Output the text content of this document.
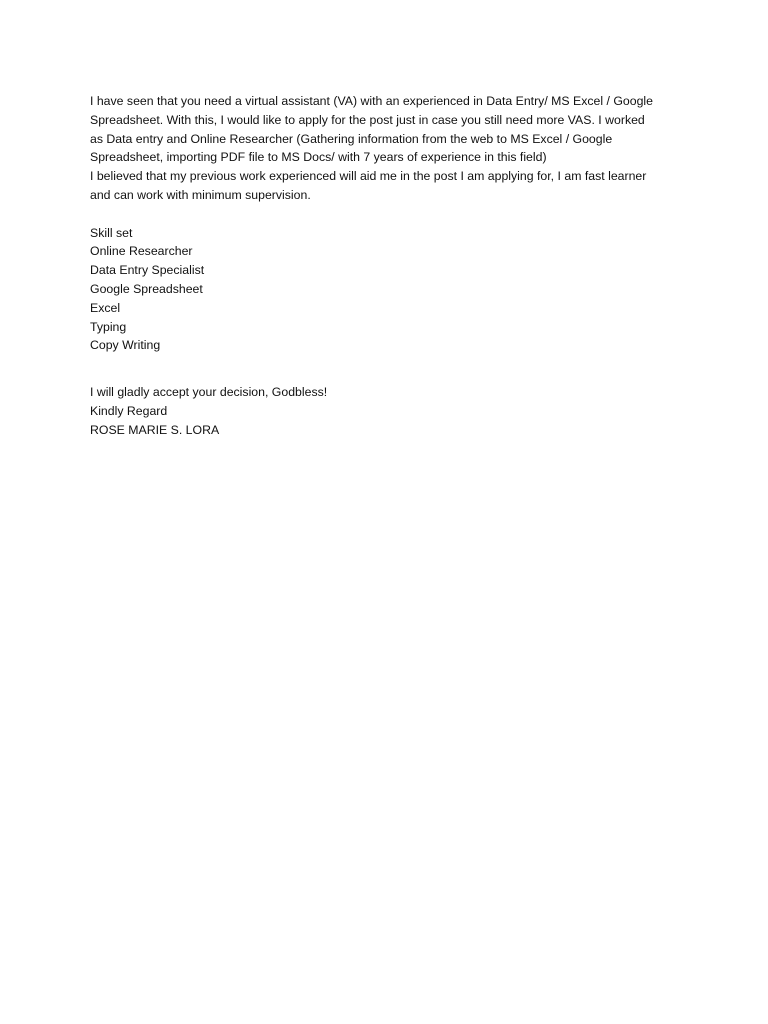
I have seen that you need a virtual assistant (VA) with an experienced in Data Entry/ MS Excel / Google
Spreadsheet. With this, I would like to apply for the post just in case you still need more VAS. I worked
as Data entry and Online Researcher (Gathering information from the web to MS Excel / Google
Spreadsheet, importing PDF file to MS Docs/ with 7 years of experience in this field)
I believed that my previous work experienced will aid me in the post I am applying for, I am fast learner
and can work with minimum supervision.
Skill set
Online Researcher
Data Entry Specialist
Google Spreadsheet
Excel
Typing
Copy Writing
I will gladly accept your decision, Godbless!
Kindly Regard
ROSE MARIE S. LORA
